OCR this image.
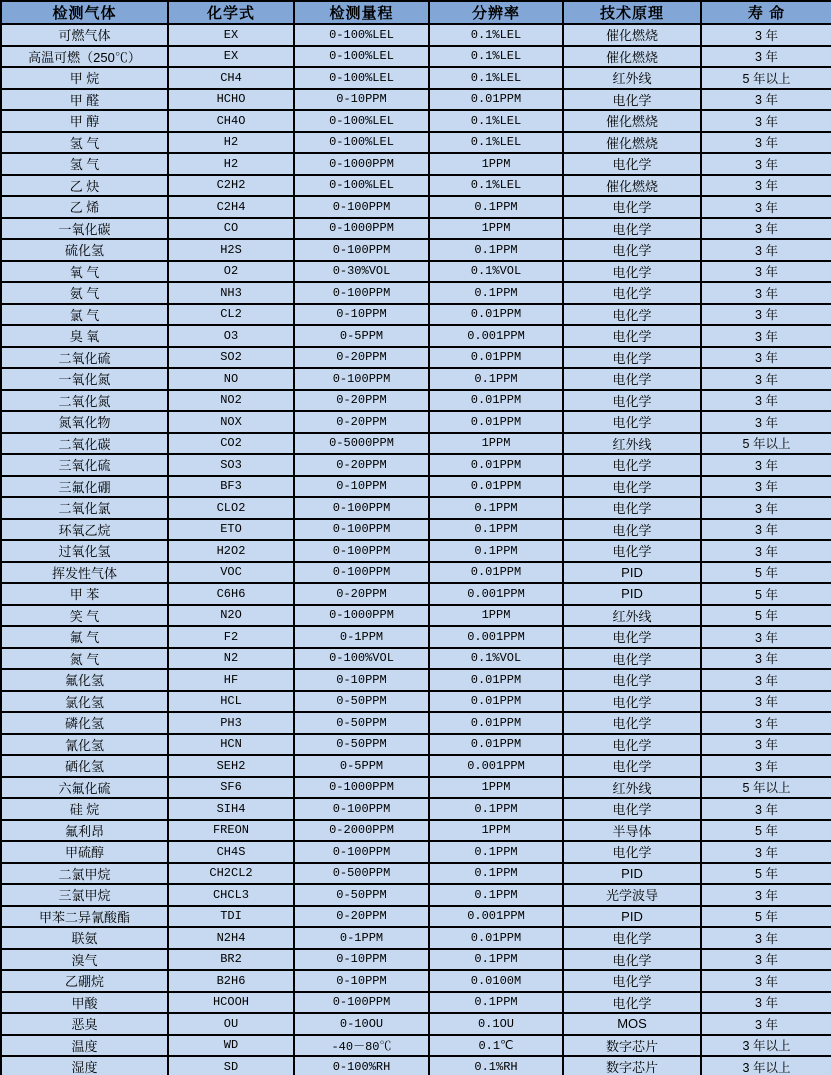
检测气体	化学式	检测量程	分辨率	技术原理	寿 命
可燃气体	EX	0-100%LEL	0.1%LEL	催化燃烧	3 年
高温可燃（250℃）	EX	0-100%LEL	0.1%LEL	催化燃烧	3 年
甲 烷	CH4	0-100%LEL	0.1%LEL	红外线	5 年以上
甲 醛	HCHO	0-10PPM	0.01PPM	电化学	3 年
甲 醇	CH4O	0-100%LEL	0.1%LEL	催化燃烧	3 年
氢 气	H2	0-100%LEL	0.1%LEL	催化燃烧	3 年
氢 气	H2	0-1000PPM	1PPM	电化学	3 年
乙 炔	C2H2	0-100%LEL	0.1%LEL	催化燃烧	3 年
乙 烯	C2H4	0-100PPM	0.1PPM	电化学	3 年
一氧化碳	CO	0-1000PPM	1PPM	电化学	3 年
硫化氢	H2S	0-100PPM	0.1PPM	电化学	3 年
氧 气	O2	0-30%VOL	0.1%VOL	电化学	3 年
氨 气	NH3	0-100PPM	0.1PPM	电化学	3 年
氯 气	CL2	0-10PPM	0.01PPM	电化学	3 年
臭 氧	O3	0-5PPM	0.001PPM	电化学	3 年
二氧化硫	SO2	0-20PPM	0.01PPM	电化学	3 年
一氧化氮	NO	0-100PPM	0.1PPM	电化学	3 年
二氧化氮	NO2	0-20PPM	0.01PPM	电化学	3 年
氮氧化物	NOX	0-20PPM	0.01PPM	电化学	3 年
二氧化碳	CO2	0-5000PPM	1PPM	红外线	5 年以上
三氧化硫	SO3	0-20PPM	0.01PPM	电化学	3 年
三氟化硼	BF3	0-10PPM	0.01PPM	电化学	3 年
二氧化氯	CLO2	0-100PPM	0.1PPM	电化学	3 年
环氧乙烷	ETO	0-100PPM	0.1PPM	电化学	3 年
过氧化氢	H2O2	0-100PPM	0.1PPM	电化学	3 年
挥发性气体	VOC	0-100PPM	0.01PPM	PID	5 年
甲 苯	C6H6	0-20PPM	0.001PPM	PID	5 年
笑 气	N2O	0-1000PPM	1PPM	红外线	5 年
氟 气	F2	0-1PPM	0.001PPM	电化学	3 年
氮 气	N2	0-100%VOL	0.1%VOL	电化学	3 年
氟化氢	HF	0-10PPM	0.01PPM	电化学	3 年
氯化氢	HCL	0-50PPM	0.01PPM	电化学	3 年
磷化氢	PH3	0-50PPM	0.01PPM	电化学	3 年
氰化氢	HCN	0-50PPM	0.01PPM	电化学	3 年
硒化氢	SEH2	0-5PPM	0.001PPM	电化学	3 年
六氟化硫	SF6	0-1000PPM	1PPM	红外线	5 年以上
硅 烷	SIH4	0-100PPM	0.1PPM	电化学	3 年
氟利昂	FREON	0-2000PPM	1PPM	半导体	5 年
甲硫醇	CH4S	0-100PPM	0.1PPM	电化学	3 年
二氯甲烷	CH2CL2	0-500PPM	0.1PPM	PID	5 年
三氯甲烷	CHCL3	0-50PPM	0.1PPM	光学波导	3 年
甲苯二异氰酸酯	TDI	0-20PPM	0.001PPM	PID	5 年
联氨	N2H4	0-1PPM	0.01PPM	电化学	3 年
溴气	BR2	0-10PPM	0.1PPM	电化学	3 年
乙硼烷	B2H6	0-10PPM	0.0100M	电化学	3 年
甲酸	HCOOH	0-100PPM	0.1PPM	电化学	3 年
恶臭	OU	0-10OU	0.1OU	MOS	3 年
温度	WD	-40－80℃	0.1℃	数字芯片	3 年以上
湿度	SD	0-100%RH	0.1%RH	数字芯片	3 年以上
